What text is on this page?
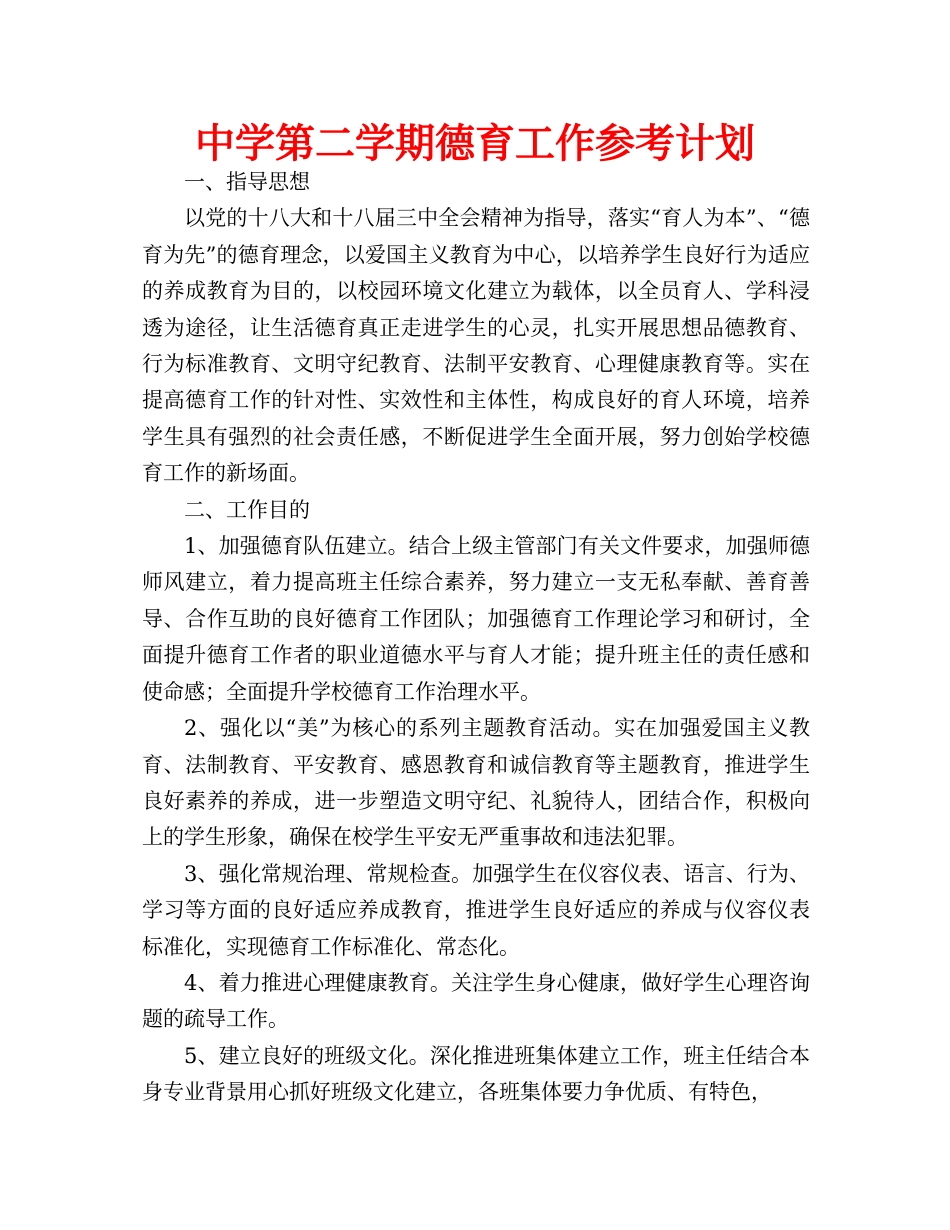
中学第二学期德育工作参考计划

一、指导思想

以党的十八大和十八届三中全会精神为指导，落实“育人为本”、“德育为先”的德育理念，以爱国主义教育为中心，以培养学生良好行为适应的养成教育为目的，以校园环境文化建立为载体，以全员育人、学科浸透为途径，让生活德育真正走进学生的心灵，扎实开展思想品德教育、行为标准教育、文明守纪教育、法制平安教育、心理健康教育等。实在提高德育工作的针对性、实效性和主体性，构成良好的育人环境，培养学生具有强烈的社会责任感，不断促进学生全面开展，努力创始学校德育工作的新场面。

二、工作目的

1、加强德育队伍建立。结合上级主管部门有关文件要求，加强师德师风建立，着力提高班主任综合素养，努力建立一支无私奉献、善育善导、合作互助的良好德育工作团队；加强德育工作理论学习和研讨，全面提升德育工作者的职业道德水平与育人才能；提升班主任的责任感和使命感；全面提升学校德育工作治理水平。

2、强化以“美”为核心的系列主题教育活动。实在加强爱国主义教育、法制教育、平安教育、感恩教育和诚信教育等主题教育，推进学生良好素养的养成，进一步塑造文明守纪、礼貌待人，团结合作，积极向上的学生形象，确保在校学生平安无严重事故和违法犯罪。

3、强化常规治理、常规检查。加强学生在仪容仪表、语言、行为、学习等方面的良好适应养成教育，推进学生良好适应的养成与仪容仪表标准化，实现德育工作标准化、常态化。

4、着力推进心理健康教育。关注学生身心健康，做好学生心理咨询题的疏导工作。

5、建立良好的班级文化。深化推进班集体建立工作，班主任结合本身专业背景用心抓好班级文化建立，各班集体要力争优质、有特色，
